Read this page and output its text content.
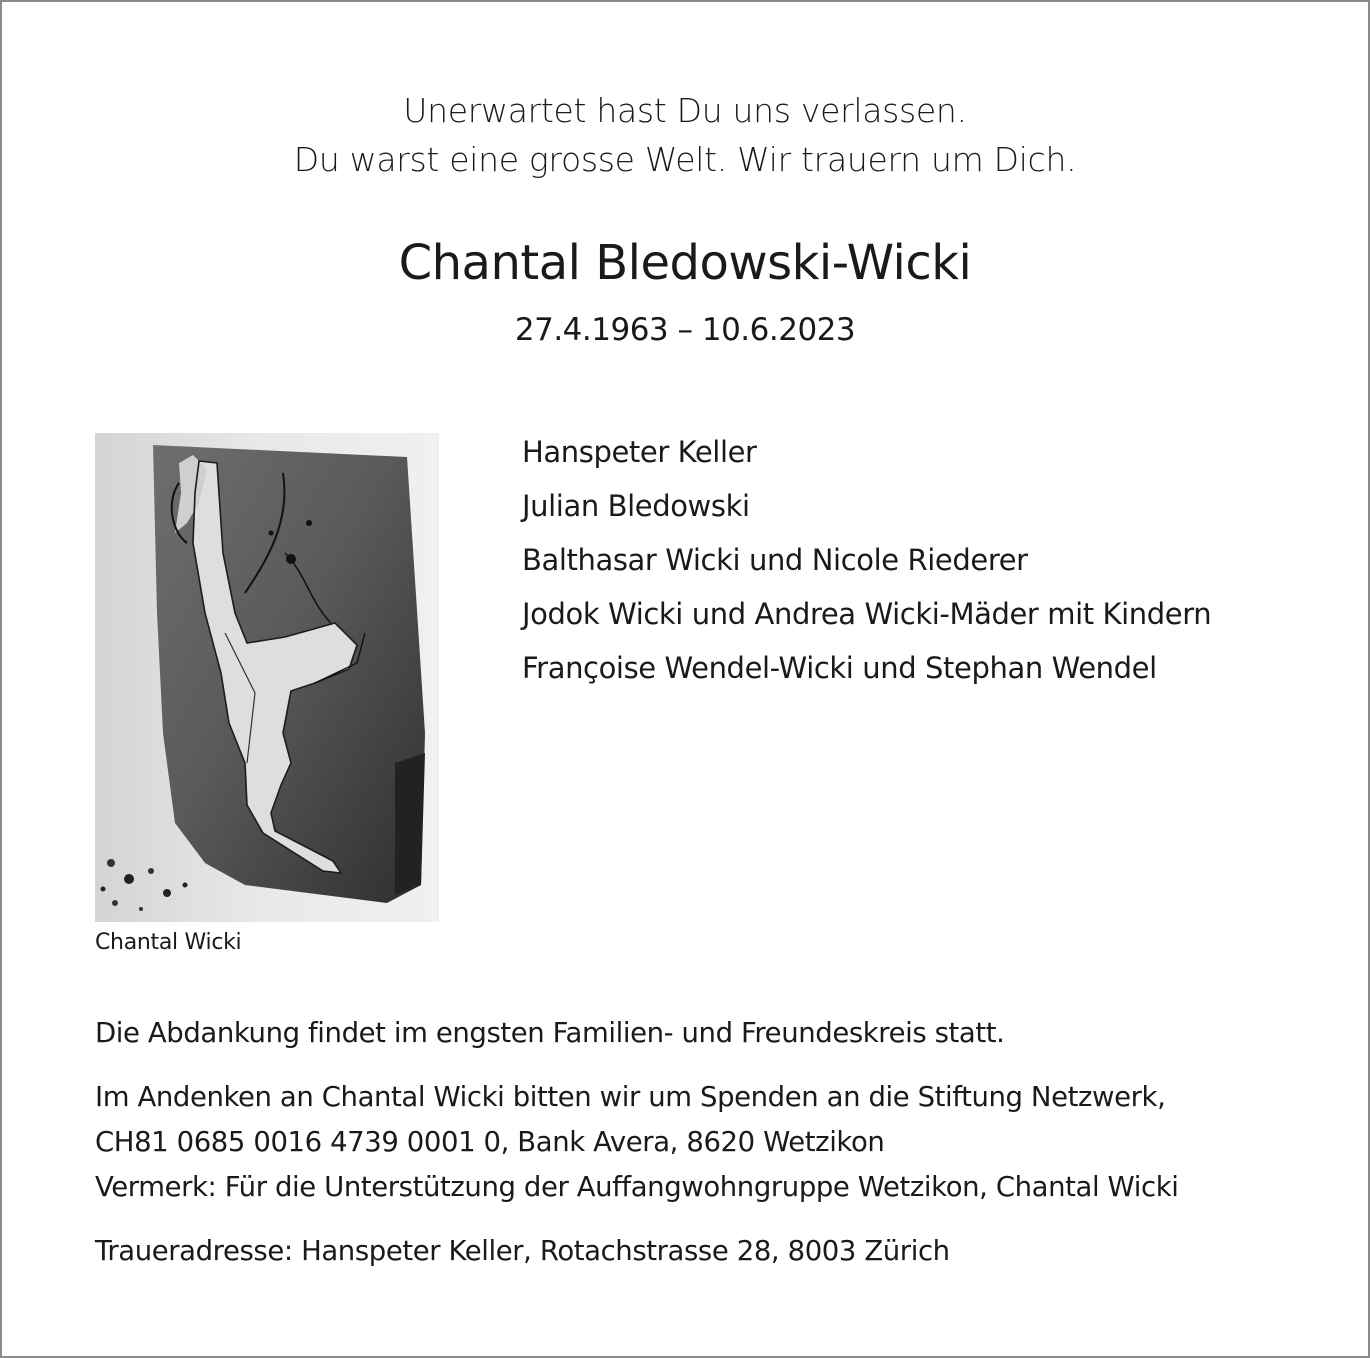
Unerwartet hast Du uns verlassen.
Du warst eine grosse Welt. Wir trauern um Dich.
Chantal Bledowski-Wicki
27.4.1963 – 10.6.2023
Chantal Wicki
Hanspeter Keller
Julian Bledowski
Balthasar Wicki und Nicole Riederer
Jodok Wicki und Andrea Wicki-Mäder mit Kindern
Françoise Wendel-Wicki und Stephan Wendel
Die Abdankung findet im engsten Familien- und Freundeskreis statt.
Im Andenken an Chantal Wicki bitten wir um Spenden an die Stiftung Netzwerk,
CH81 0685 0016 4739 0001 0, Bank Avera, 8620 Wetzikon
Vermerk: Für die Unterstützung der Auffangwohngruppe Wetzikon, Chantal Wicki
Traueradresse: Hanspeter Keller, Rotachstrasse 28, 8003 Zürich
